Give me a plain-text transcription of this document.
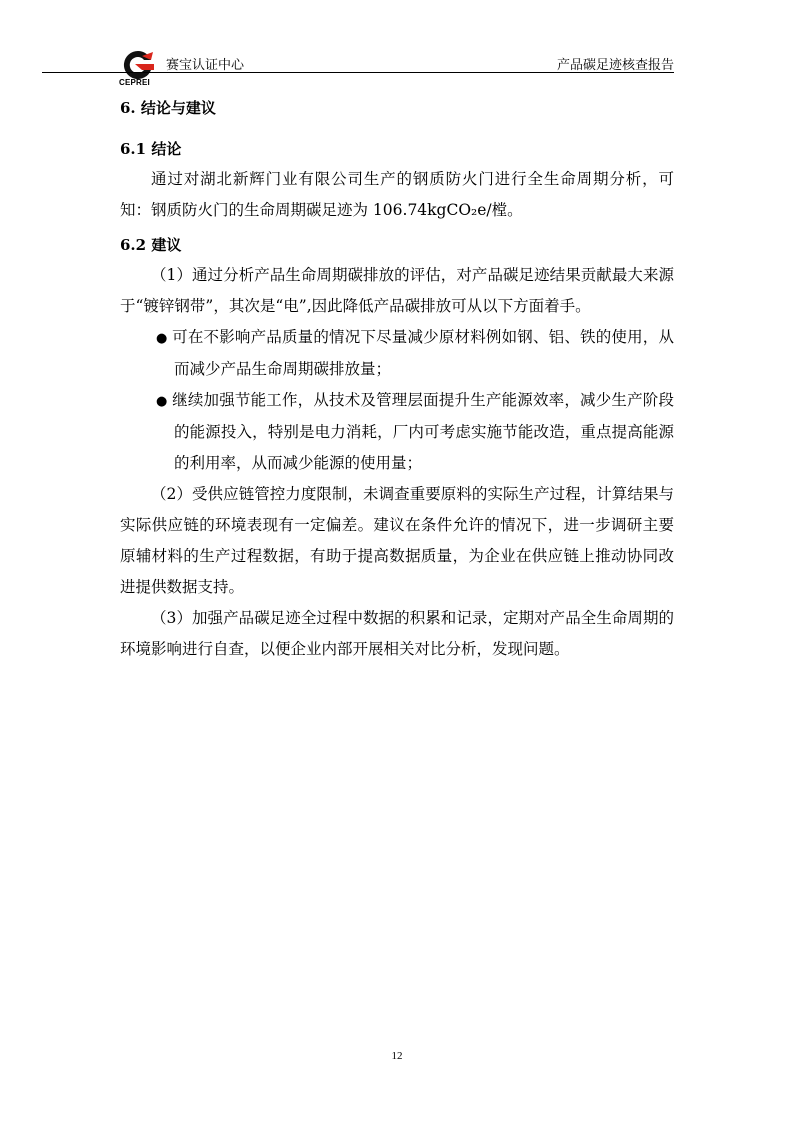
CEPREI
赛宝认证中心	产品碳足迹核查报告
6. 结论与建议
6.1 结论

通过对湖北新辉门业有限公司生产的钢质防火门进行全生命周期分析，可知：钢质防火门的生命周期碳足迹为 106.74kgCO₂e/樘。

6.2 建议

（1）通过分析产品生命周期碳排放的评估，对产品碳足迹结果贡献最大来源于“镀锌钢带”，其次是“电”,因此降低产品碳排放可从以下方面着手。

● 可在不影响产品质量的情况下尽量减少原材料例如钢、铝、铁的使用，从而减少产品生命周期碳排放量；

● 继续加强节能工作，从技术及管理层面提升生产能源效率，减少生产阶段的能源投入，特别是电力消耗，厂内可考虑实施节能改造，重点提高能源的利用率，从而减少能源的使用量；

（2）受供应链管控力度限制，未调查重要原料的实际生产过程，计算结果与实际供应链的环境表现有一定偏差。建议在条件允许的情况下，进一步调研主要原辅材料的生产过程数据，有助于提高数据质量，为企业在供应链上推动协同改进提供数据支持。

（3）加强产品碳足迹全过程中数据的积累和记录，定期对产品全生命周期的环境影响进行自查，以便企业内部开展相关对比分析，发现问题。

12
